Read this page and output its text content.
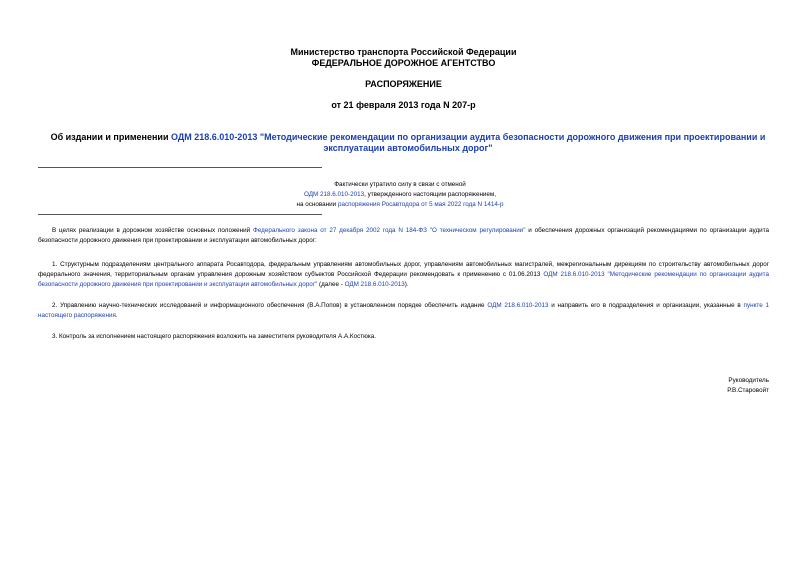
Министерство транспорта Российской Федерации
ФЕДЕРАЛЬНОЕ ДОРОЖНОЕ АГЕНТСТВО
РАСПОРЯЖЕНИЕ
от 21 февраля 2013 года N 207-р
Об издании и применении ОДМ 218.6.010-2013 "Методические рекомендации по организации аудита безопасности дорожного движения при проектировании и эксплуатации автомобильных дорог"
Фактически утратило силу в связи с отменой
ОДМ 218.6.010-2013, утвержденного настоящим распоряжением,
на основании распоряжения Росавтодора от 5 мая 2022 года N 1414-р
В целях реализации в дорожном хозяйстве основных положений Федерального закона от 27 декабря 2002 года N 184-ФЗ "О техническом регулировании" и обеспечения дорожных организаций рекомендациями по организации аудита безопасности дорожного движения при проектировании и эксплуатации автомобильных дорог:
1. Структурным подразделениям центрального аппарата Росавтодора, федеральным управлениям автомобильных дорог, управлениям автомобильных магистралей, межрегиональным дирекциям по строительству автомобильных дорог федерального значения, территориальным органам управления дорожным хозяйством субъектов Российской Федерации рекомендовать к применению с 01.06.2013 ОДМ 218.6.010-2013 "Методические рекомендации по организации аудита безопасности дорожного движения при проектировании и эксплуатации автомобильных дорог" (далее - ОДМ 218.6.010-2013).
2. Управлению научно-технических исследований и информационного обеспечения (В.А.Попов) в установленном порядке обеспечить издание ОДМ 218.6.010-2013 и направить его в подразделения и организации, указанные в пункте 1 настоящего распоряжения.
3. Контроль за исполнением настоящего распоряжения возложить на заместителя руководителя А.А.Костюка.
Руководитель
Р.В.Старовойт
